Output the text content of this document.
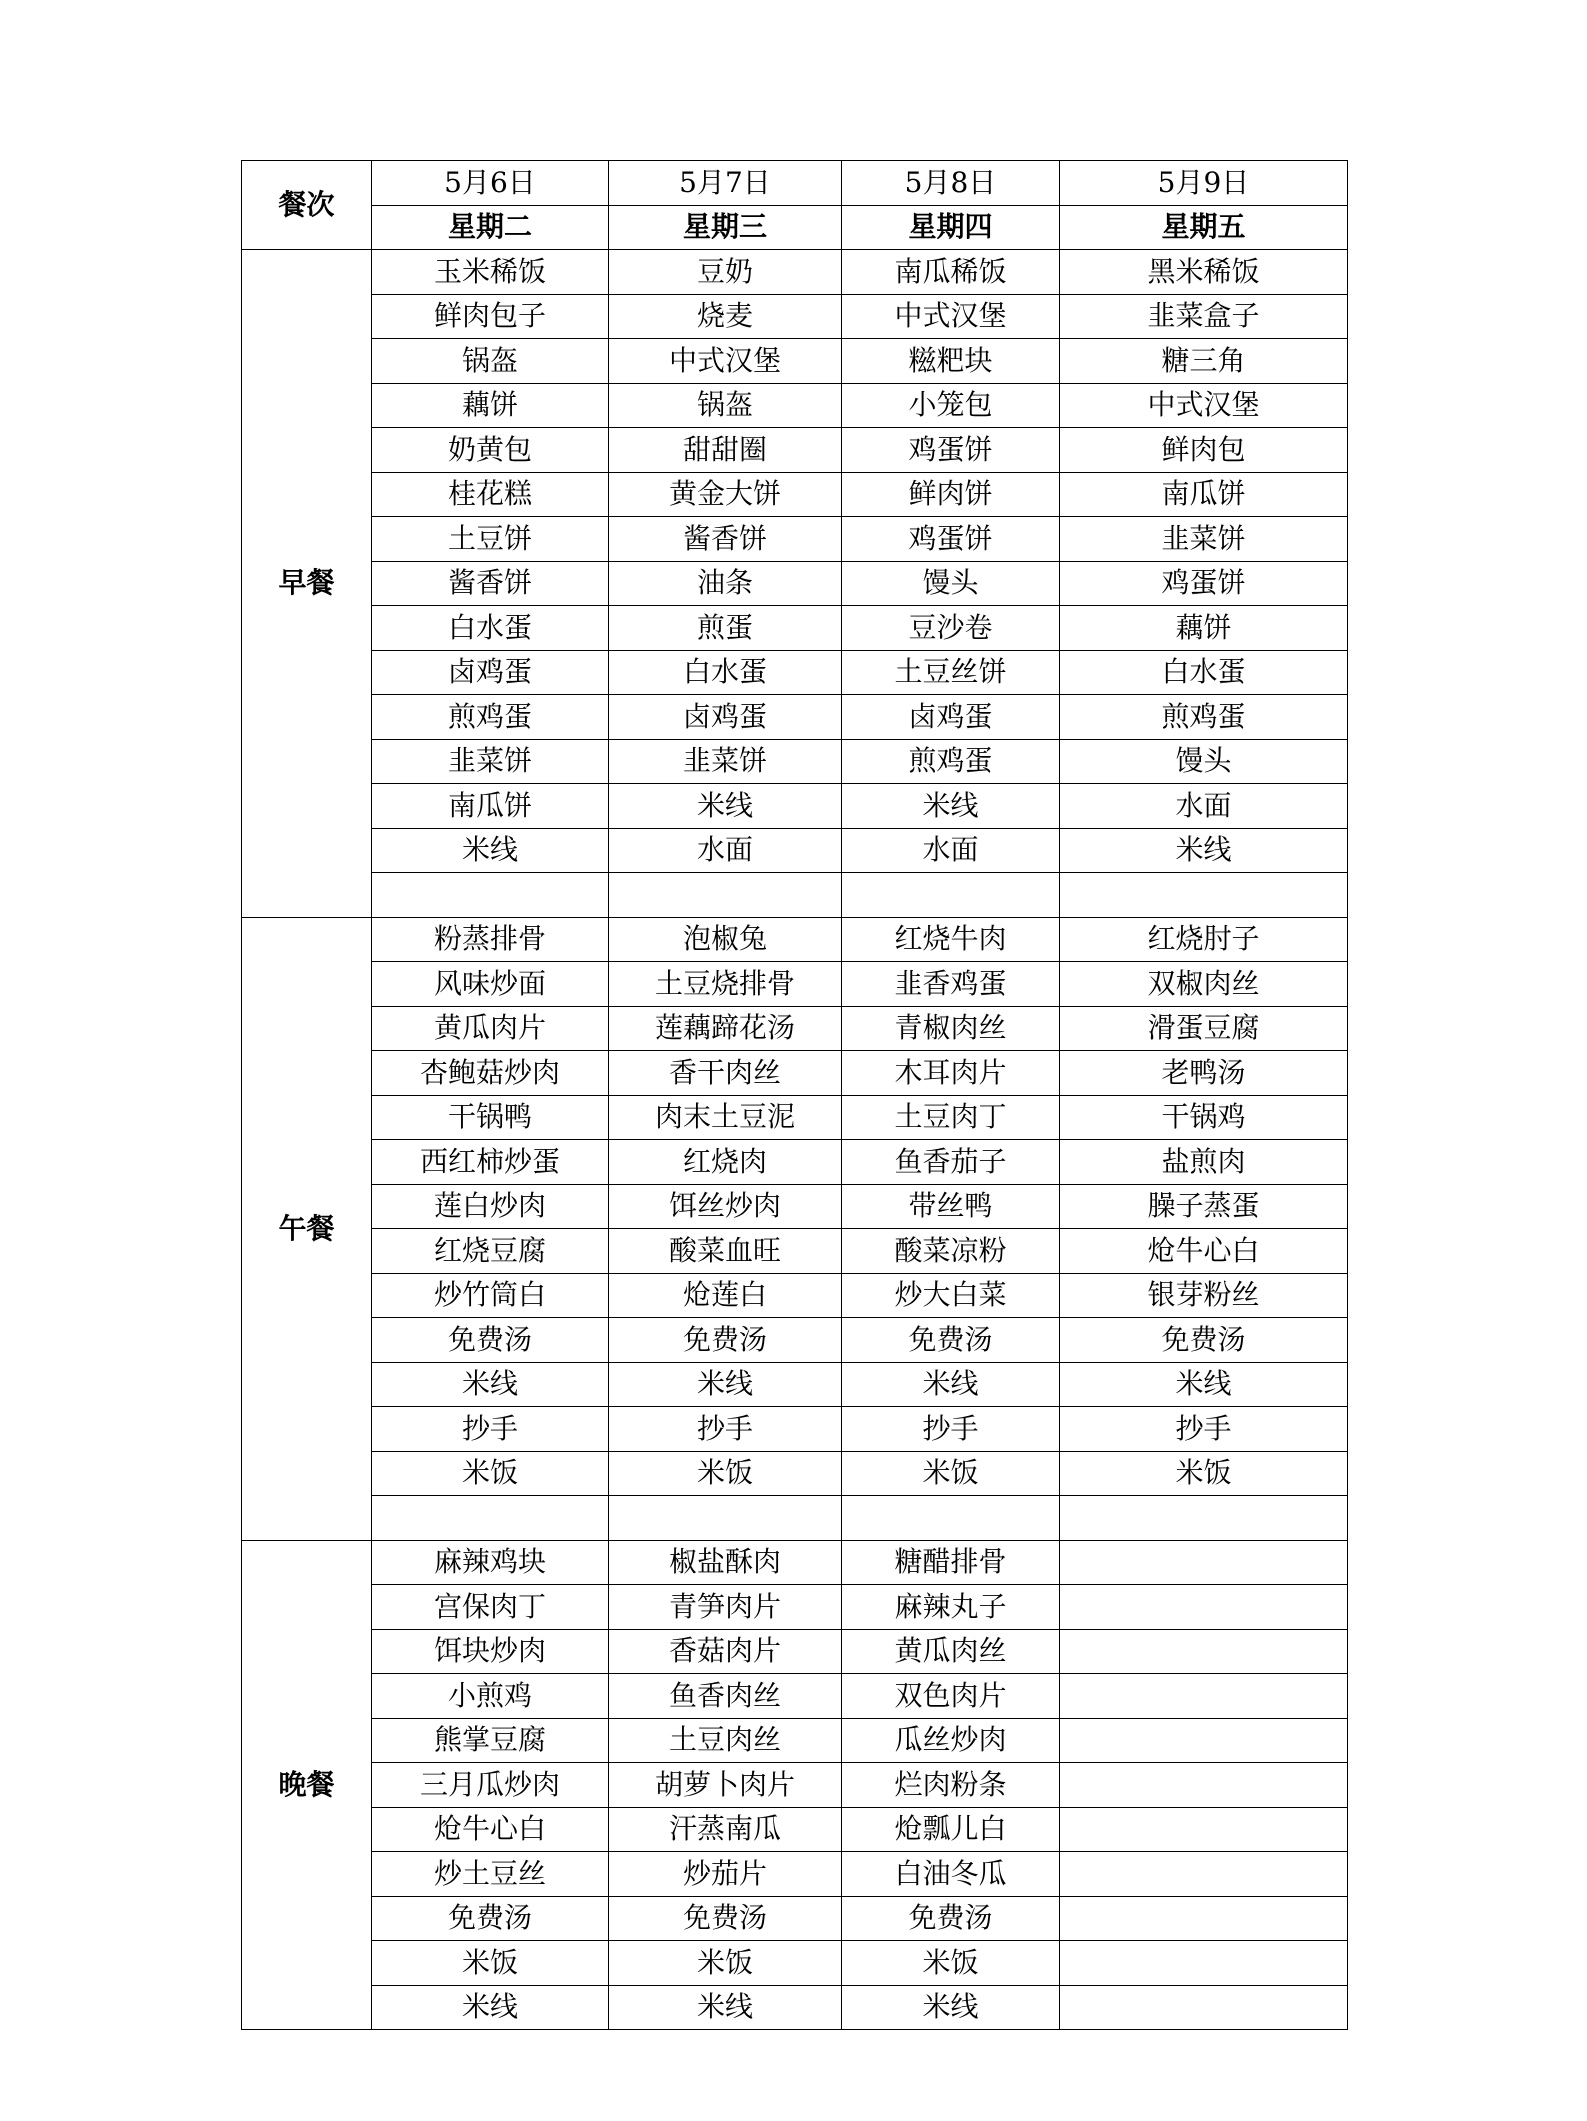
餐次	5月6日	5月7日	5月8日	5月9日
	星期二	星期三	星期四	星期五
早餐	玉米稀饭	豆奶	南瓜稀饭	黑米稀饭
	鲜肉包子	烧麦	中式汉堡	韭菜盒子
	锅盔	中式汉堡	糍粑块	糖三角
	藕饼	锅盔	小笼包	中式汉堡
	奶黄包	甜甜圈	鸡蛋饼	鲜肉包
	桂花糕	黄金大饼	鲜肉饼	南瓜饼
	土豆饼	酱香饼	鸡蛋饼	韭菜饼
	酱香饼	油条	馒头	鸡蛋饼
	白水蛋	煎蛋	豆沙卷	藕饼
	卤鸡蛋	白水蛋	土豆丝饼	白水蛋
	煎鸡蛋	卤鸡蛋	卤鸡蛋	煎鸡蛋
	韭菜饼	韭菜饼	煎鸡蛋	馒头
	南瓜饼	米线	米线	水面
	米线	水面	水面	米线

午餐	粉蒸排骨	泡椒兔	红烧牛肉	红烧肘子
	风味炒面	土豆烧排骨	韭香鸡蛋	双椒肉丝
	黄瓜肉片	莲藕蹄花汤	青椒肉丝	滑蛋豆腐
	杏鲍菇炒肉	香干肉丝	木耳肉片	老鸭汤
	干锅鸭	肉末土豆泥	土豆肉丁	干锅鸡
	西红柿炒蛋	红烧肉	鱼香茄子	盐煎肉
	莲白炒肉	饵丝炒肉	带丝鸭	臊子蒸蛋
	红烧豆腐	酸菜血旺	酸菜凉粉	炝牛心白
	炒竹筒白	炝莲白	炒大白菜	银芽粉丝
	免费汤	免费汤	免费汤	免费汤
	米线	米线	米线	米线
	抄手	抄手	抄手	抄手
	米饭	米饭	米饭	米饭

晚餐	麻辣鸡块	椒盐酥肉	糖醋排骨	
	宫保肉丁	青笋肉片	麻辣丸子	
	饵块炒肉	香菇肉片	黄瓜肉丝	
	小煎鸡	鱼香肉丝	双色肉片	
	熊掌豆腐	土豆肉丝	瓜丝炒肉	
	三月瓜炒肉	胡萝卜肉片	烂肉粉条	
	炝牛心白	汗蒸南瓜	炝瓢儿白	
	炒土豆丝	炒茄片	白油冬瓜	
	免费汤	免费汤	免费汤	
	米饭	米饭	米饭	
	米线	米线	米线	
